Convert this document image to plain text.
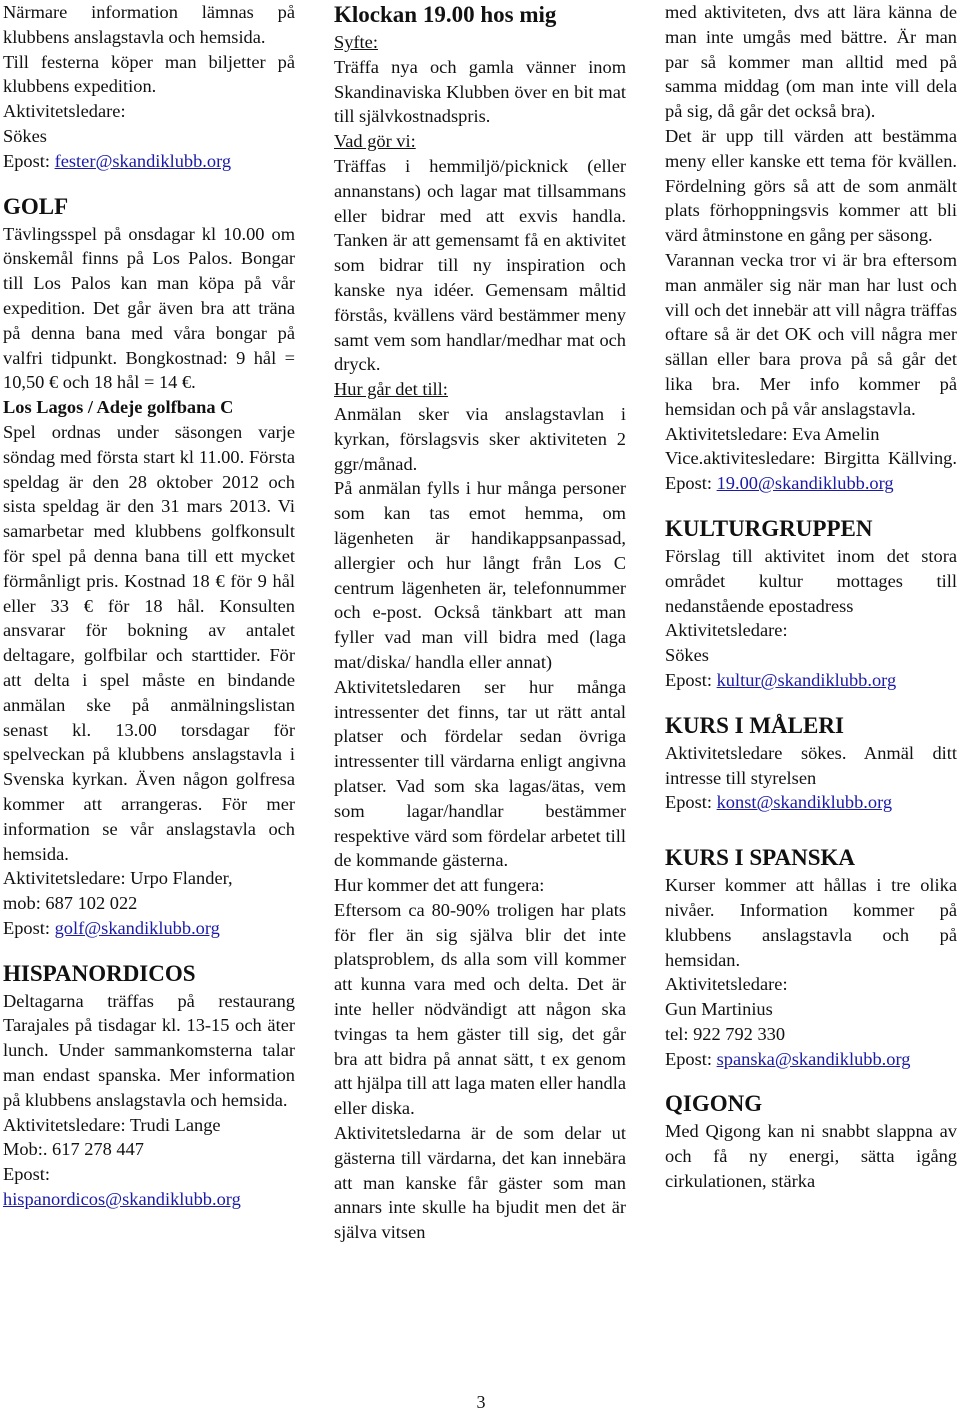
Närmare information lämnas på klubbens anslagstavla och hemsida.

Till festerna köper man biljetter på klubbens expedition.

Aktivitetsledare:

Sökes

Epost: fester@skandiklubb.org

GOLF

Tävlingsspel på onsdagar kl 10.00 om önskemål finns på Los Palos. Bongar till Los Palos kan man köpa på vår expedition. Det går även bra att träna på denna bana med våra bongar på valfri tidpunkt. Bongkostnad: 9 hål = 10,50 € och 18 hål = 14 €.

Los Lagos / Adeje golfbana C

Spel ordnas under säsongen varje söndag med första start kl 11.00. Första speldag är den 28 oktober 2012 och sista speldag är den 31 mars 2013. Vi samarbetar med klubbens golfkonsult för spel på denna bana till ett mycket förmånligt pris. Kostnad 18 € för 9 hål eller 33 € för 18 hål. Konsulten ansvarar för bokning av antalet deltagare, golfbilar och starttider. För att delta i spel måste en bindande anmälan ske på anmälningslistan senast kl. 13.00 torsdagar för spelveckan på klubbens anslagstavla i Svenska kyrkan. Även någon golfresa kommer att arrangeras. För mer information se vår anslagstavla och hemsida.

Aktivitetsledare: Urpo Flander,

mob: 687 102 022

Epost: golf@skandiklubb.org

HISPANORDICOS

Deltagarna träffas på restaurang Tarajales på tisdagar kl. 13-15 och äter lunch. Under sammankomsterna talar man endast spanska. Mer information på klubbens anslagstavla och hemsida.

Aktivitetsledare: Trudi Lange

Mob:. 617 278 447

Epost:

hispanordicos@skandiklubb.org

Klockan 19.00 hos mig

Syfte:

Träffa nya och gamla vänner inom Skandinaviska Klubben över en bit mat till självkostnadspris.

Vad gör vi:

Träffas i hemmiljö/picknick (eller annanstans) och lagar mat tillsammans eller bidrar med att exvis handla. Tanken är att gemensamt få en aktivitet som bidrar till ny inspiration och kanske nya idéer. Gemensam måltid förstås, kvällens värd bestämmer meny samt vem som handlar/medhar mat och dryck.

Hur går det till:

Anmälan sker via anslagstavlan i kyrkan, förslagsvis sker aktiviteten 2 ggr/månad.

På anmälan fylls i hur många personer som kan tas emot hemma, om lägenheten är handikappsanpassad, allergier och hur långt från Los C centrum lägenheten är, telefonnummer och e-post. Också tänkbart att man fyller vad man vill bidra med (laga mat/diska/ handla eller annat)

Aktivitetsledaren ser hur många intressenter det finns, tar ut rätt antal platser och fördelar sedan övriga intressenter till värdarna enligt angivna platser. Vad som ska lagas/ätas, vem som lagar/handlar bestämmer respektive värd som fördelar arbetet till de kommande gästerna.

Hur kommer det att fungera:

Eftersom ca 80-90% troligen har plats för fler än sig själva blir det inte platsproblem, ds alla som vill kommer att kunna vara med och delta. Det är inte heller nödvändigt att någon ska tvingas ta hem gäster till sig, det går bra att bidra på annat sätt, t ex genom att hjälpa till att laga maten eller handla eller diska.

Aktivitetsledarna är de som delar ut gästerna till värdarna, det kan innebära att man kanske får gäster som man annars inte skulle ha bjudit men det är själva vitsen

med aktiviteten, dvs att lära känna de man inte umgås med bättre. Är man par så kommer man alltid med på samma middag (om man inte vill dela på sig, då går det också bra).

Det är upp till värden att bestämma meny eller kanske ett tema för kvällen. Fördelning görs så att de som anmält plats förhoppningsvis kommer att bli värd åtminstone en gång per säsong.

Varannan vecka tror vi är bra eftersom man anmäler sig när man har lust och vill och det innebär att vill några träffas oftare så är det OK och vill några mer sällan eller bara prova på så går det lika bra. Mer info kommer på hemsidan och på vår anslagstavla.

Aktivitetsledare: Eva Amelin

Vice.aktivitesledare: Birgitta Källving.

Epost: 19.00@skandiklubb.org

KULTURGRUPPEN

Förslag till aktivitet inom det stora området kultur mottages till nedanstående epostadress

Aktivitetsledare:

Sökes

Epost: kultur@skandiklubb.org

KURS I MÅLERI

Aktivitetsledare sökes. Anmäl ditt intresse till styrelsen

Epost: konst@skandiklubb.org

KURS I SPANSKA

Kurser kommer att hållas i tre olika nivåer. Information kommer på klubbens anslagstavla och på hemsidan.

Aktivitetsledare:

Gun Martinius

tel: 922 792 330

Epost: spanska@skandiklubb.org

QIGONG

Med Qigong kan ni snabbt slappna av och få ny energi, sätta igång cirkulationen, stärka

3
